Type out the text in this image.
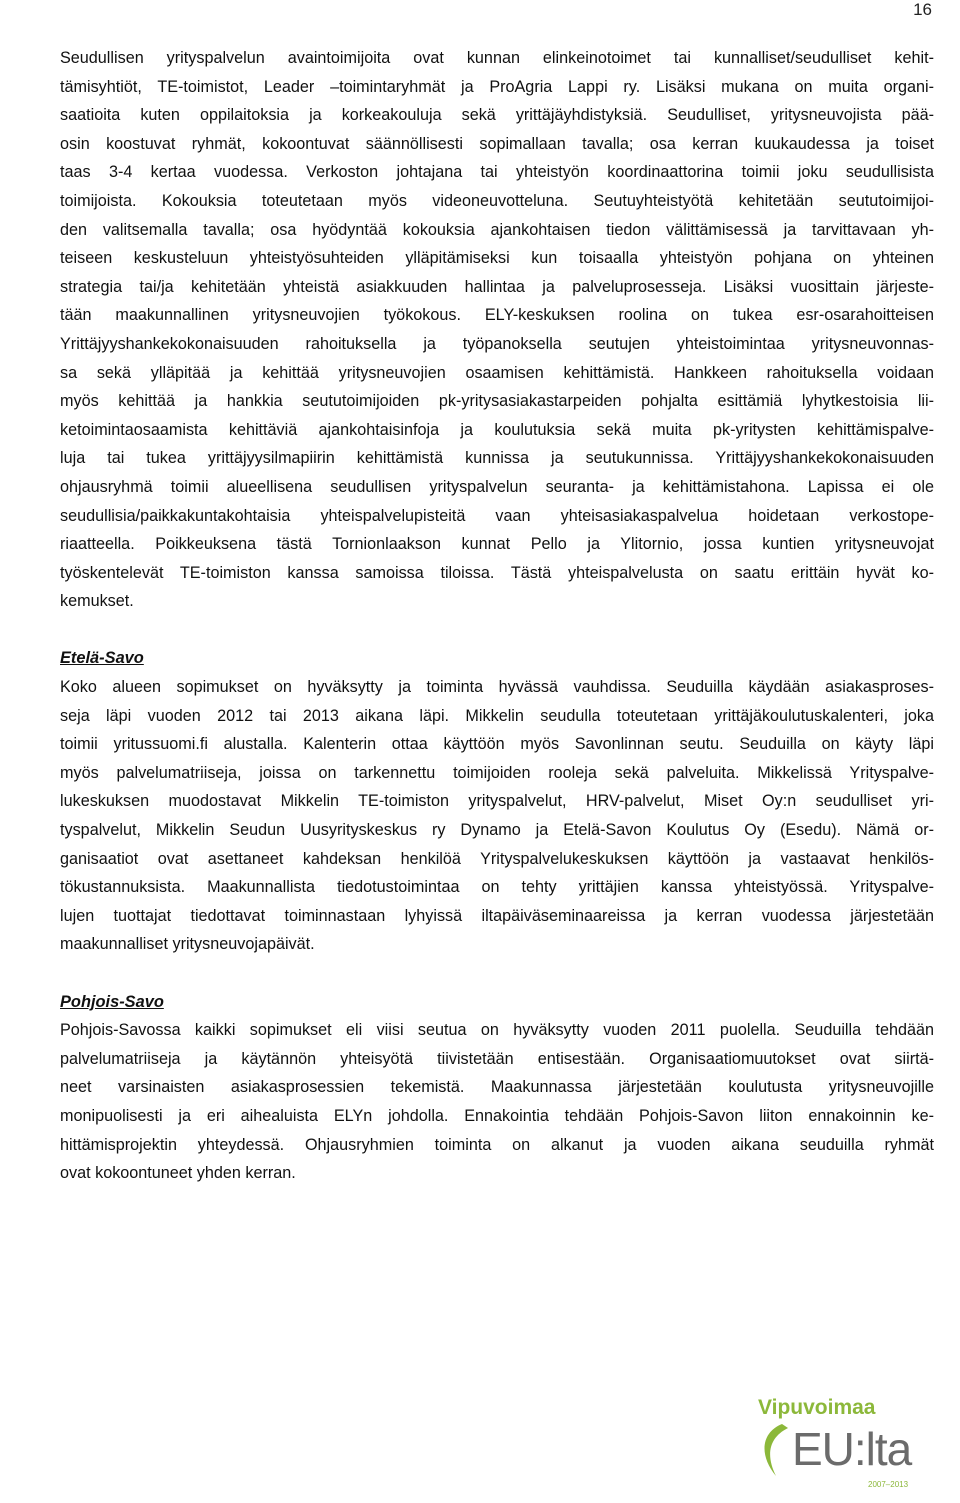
16
Seudullisen yrityspalvelun avaintoimijoita ovat kunnan elinkeinotoimet tai kunnalliset/seudulliset kehit-
tämisyhtiöt, TE-toimistot, Leader –toimintaryhmät ja ProAgria Lappi ry. Lisäksi mukana on muita organi-
saatioita kuten oppilaitoksia ja korkeakouluja sekä yrittäjäyhdistyksiä. Seudulliset, yritysneuvojista pää-
osin koostuvat ryhmät, kokoontuvat säännöllisesti sopimallaan tavalla; osa kerran kuukaudessa ja toiset
taas 3-4 kertaa vuodessa. Verkoston johtajana tai yhteistyön koordinaattorina toimii joku seudullisista
toimijoista. Kokouksia toteutetaan myös videoneuvotteluna. Seutuyhteistyötä kehitetään seututoimijoi-
den valitsemalla tavalla; osa hyödyntää kokouksia ajankohtaisen tiedon välittämisessä ja tarvittavaan yh-
teiseen keskusteluun yhteistyösuhteiden ylläpitämiseksi kun toisaalla yhteistyön pohjana on yhteinen
strategia tai/ja kehitetään yhteistä asiakkuuden hallintaa ja palveluprosesseja. Lisäksi vuosittain järjeste-
tään maakunnallinen yritysneuvojien työkokous. ELY-keskuksen roolina on tukea esr-osarahoitteisen
Yrittäjyyshankekokonaisuuden rahoituksella ja työpanoksella seutujen yhteistoimintaa yritysneuvonnas-
sa sekä ylläpitää ja kehittää yritysneuvojien osaamisen kehittämistä. Hankkeen rahoituksella voidaan
myös kehittää ja hankkia seututoimijoiden pk-yritysasiakastarpeiden pohjalta esittämiä lyhytkestoisia lii-
ketoimintaosaamista kehittäviä ajankohtaisinfoja ja koulutuksia sekä muita pk-yritysten kehittämispalve-
luja tai tukea yrittäjyysilmapiirin kehittämistä kunnissa ja seutukunnissa. Yrittäjyyshankekokonaisuuden
ohjausryhmä toimii alueellisena seudullisen yrityspalvelun seuranta- ja kehittämistahona. Lapissa ei ole
seudullisia/paikkakuntakohtaisia yhteispalvelupisteitä vaan yhteisasiakaspalvelua hoidetaan verkostope-
riaatteella. Poikkeuksena tästä Tornionlaakson kunnat Pello ja Ylitornio, jossa kuntien yritysneuvojat
työskentelevät TE-toimiston kanssa samoissa tiloissa. Tästä yhteispalvelusta on saatu erittäin hyvät ko-
kemukset.
Etelä-Savo
Koko alueen sopimukset on hyväksytty ja toiminta hyvässä vauhdissa. Seuduilla käydään asiakasproses-
seja läpi vuoden 2012 tai 2013 aikana läpi. Mikkelin seudulla toteutetaan yrittäjäkoulutuskalenteri, joka
toimii yritussuomi.fi alustalla. Kalenterin ottaa käyttöön myös Savonlinnan seutu. Seuduilla on käyty läpi
myös palvelumatriiseja, joissa on tarkennettu toimijoiden rooleja sekä palveluita. Mikkelissä Yrityspalve-
lukeskuksen muodostavat Mikkelin TE-toimiston yrityspalvelut, HRV-palvelut, Miset Oy:n seudulliset yri-
tyspalvelut, Mikkelin Seudun Uusyrityskeskus ry Dynamo ja Etelä-Savon Koulutus Oy (Esedu). Nämä or-
ganisaatiot ovat asettaneet kahdeksan henkilöä Yrityspalvelukeskuksen käyttöön ja vastaavat henkilös-
tökustannuksista. Maakunnallista tiedotustoimintaa on tehty yrittäjien kanssa yhteistyössä. Yrityspalve-
lujen tuottajat tiedottavat toiminnastaan lyhyissä iltapäiväseminaareissa ja kerran vuodessa järjestetään
maakunnalliset yritysneuvojapäivät.
Pohjois-Savo
Pohjois-Savossa kaikki sopimukset eli viisi seutua on hyväksytty vuoden 2011 puolella. Seuduilla tehdään
palvelumatriiseja ja käytännön yhteisyötä tiivistetään entisestään. Organisaatiomuutokset ovat siirtä-
neet varsinaisten asiakasprosessien tekemistä. Maakunnassa järjestetään koulutusta yritysneuvojille
monipuolisesti ja eri aihealuista ELYn johdolla. Ennakointia tehdään Pohjois-Savon liiton ennakoinnin ke-
hittämisprojektin yhteydessä. Ohjausryhmien toiminta on alkanut ja vuoden aikana seuduilla ryhmät
ovat kokoontuneet yhden kerran.
Vipuvoimaa
EU:lta
2007–2013
